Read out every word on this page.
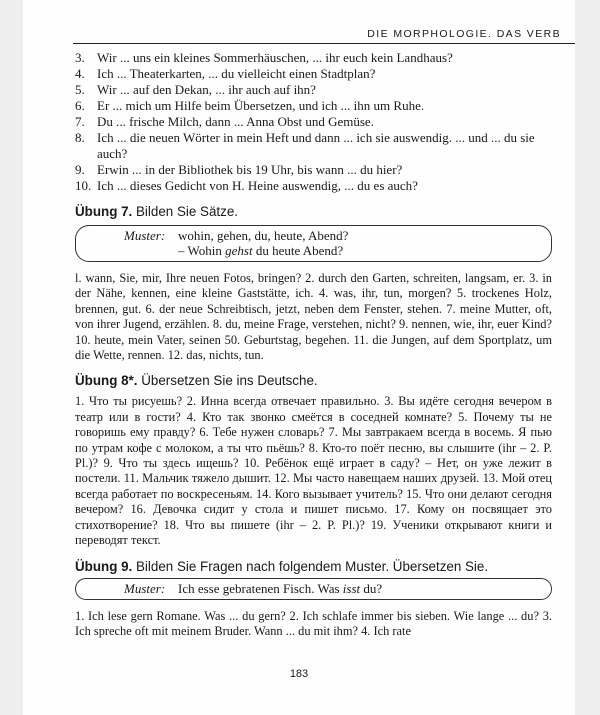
DIE MORPHOLOGIE. DAS VERB
3. Wir ... uns ein kleines Sommerhäuschen, ... ihr euch kein Landhaus?
4. Ich ... Theaterkarten, ... du vielleicht einen Stadtplan?
5. Wir ... auf den Dekan, ... ihr auch auf ihn?
6. Er ... mich um Hilfe beim Übersetzen, und ich ... ihn um Ruhe.
7. Du ... frische Milch, dann ... Anna Obst und Gemüse.
8. Ich ... die neuen Wörter in mein Heft und dann ... ich sie auswendig. ... und ... du sie auch?
9. Erwin ... in der Bibliothek bis 19 Uhr, bis wann ... du hier?
10. Ich ... dieses Gedicht von H. Heine auswendig, ... du es auch?
Übung 7. Bilden Sie Sätze.
Muster: wohin, gehen, du, heute, Abend?
– Wohin gehst du heute Abend?

l. wann, Sie, mir, Ihre neuen Fotos, bringen? 2. durch den Garten, schreiten, langsam, er. 3. in der Nähe, kennen, eine kleine Gaststätte, ich. 4. was, ihr, tun, morgen? 5. trockenes Holz, brennen, gut. 6. der neue Schreibtisch, jetzt, neben dem Fenster, stehen. 7. meine Mutter, oft, von ihrer Jugend, erzählen. 8. du, meine Frage, verstehen, nicht? 9. nennen, wie, ihr, euer Kind? 10. heute, mein Vater, seinen 50. Geburtstag, begehen. 11. die Jungen, auf dem Sportplatz, um die Wette, rennen. 12. das, nichts, tun.

Übung 8*. Übersetzen Sie ins Deutsche.

1. Что ты рисуешь? 2. Инна всегда отвечает правильно. 3. Вы идёте сегодня вечером в театр или в гости? 4. Кто так звонко смеётся в соседней комнате? 5. Почему ты не говоришь ему правду? 6. Тебе нужен словарь? 7. Мы завтракаем всегда в восемь. Я пью по утрам кофе с молоком, а ты что пьёшь? 8. Кто-то поёт песню, вы слышите (ihr – 2. P. Pl.)? 9. Что ты здесь ищешь? 10. Ребёнок ещё играет в саду? – Нет, он уже лежит в постели. 11. Мальчик тяжело дышит. 12. Мы часто навещаем наших друзей. 13. Мой отец всегда работает по воскресеньям. 14. Кого вызывает учитель? 15. Что они делают сегодня вечером? 16. Девочка сидит у стола и пишет письмо. 17. Кому он посвящает это стихотворение? 18. Что вы пишете (ihr – 2. P. Pl.)? 19. Ученики открывают книги и переводят текст.

Übung 9. Bilden Sie Fragen nach folgendem Muster. Übersetzen Sie.
Muster: Ich esse gebratenen Fisch. Was isst du?

1. Ich lese gern Romane. Was ... du gern? 2. Ich schlafe immer bis sieben. Wie lange ... du? 3. Ich spreche oft mit meinem Bruder. Wann ... du mit ihm? 4. Ich rate

183
